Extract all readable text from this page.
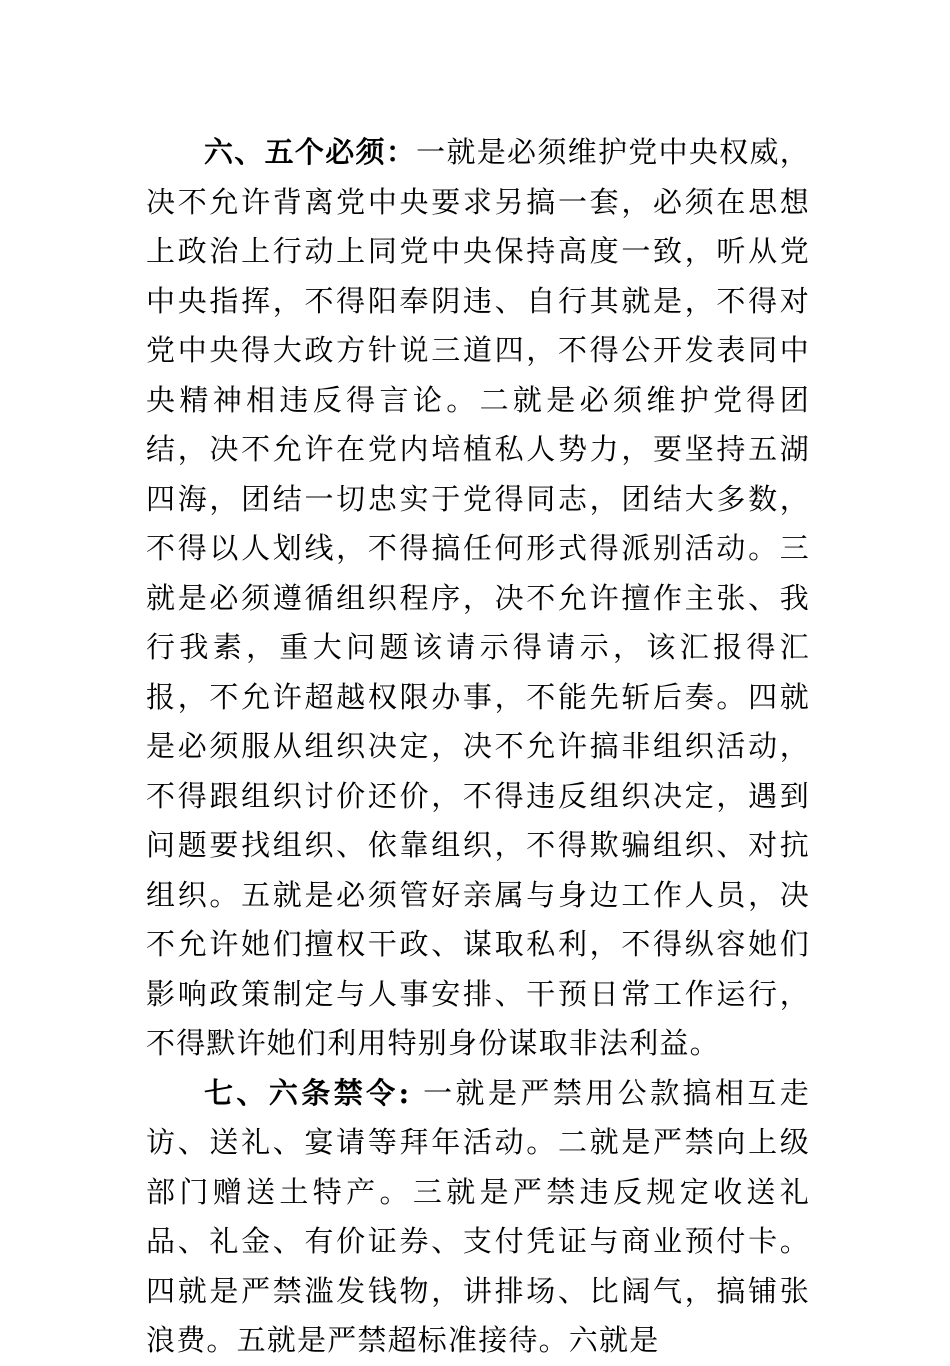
六、五个必须：一就是必须维护党中央权威，决不允许背离党中央要求另搞一套，必须在思想上政治上行动上同党中央保持高度一致，听从党中央指挥，不得阳奉阴违、自行其就是，不得对党中央得大政方针说三道四，不得公开发表同中央精神相违反得言论。二就是必须维护党得团结，决不允许在党内培植私人势力，要坚持五湖四海，团结一切忠实于党得同志，团结大多数，不得以人划线，不得搞任何形式得派别活动。三就是必须遵循组织程序，决不允许擅作主张、我行我素，重大问题该请示得请示，该汇报得汇报，不允许超越权限办事，不能先斩后奏。四就是必须服从组织决定，决不允许搞非组织活动，不得跟组织讨价还价，不得违反组织决定，遇到问题要找组织、依靠组织，不得欺骗组织、对抗组织。五就是必须管好亲属与身边工作人员，决不允许她们擅权干政、谋取私利，不得纵容她们影响政策制定与人事安排、干预日常工作运行，不得默许她们利用特别身份谋取非法利益。

七、六条禁令: 一就是严禁用公款搞相互走访、送礼、宴请等拜年活动。二就是严禁向上级部门赠送土特产。三就是严禁违反规定收送礼品、礼金、有价证券、支付凭证与商业预付卡。四就是严禁滥发钱物，讲排场、比阔气，搞铺张浪费。五就是严禁超标准接待。六就是
